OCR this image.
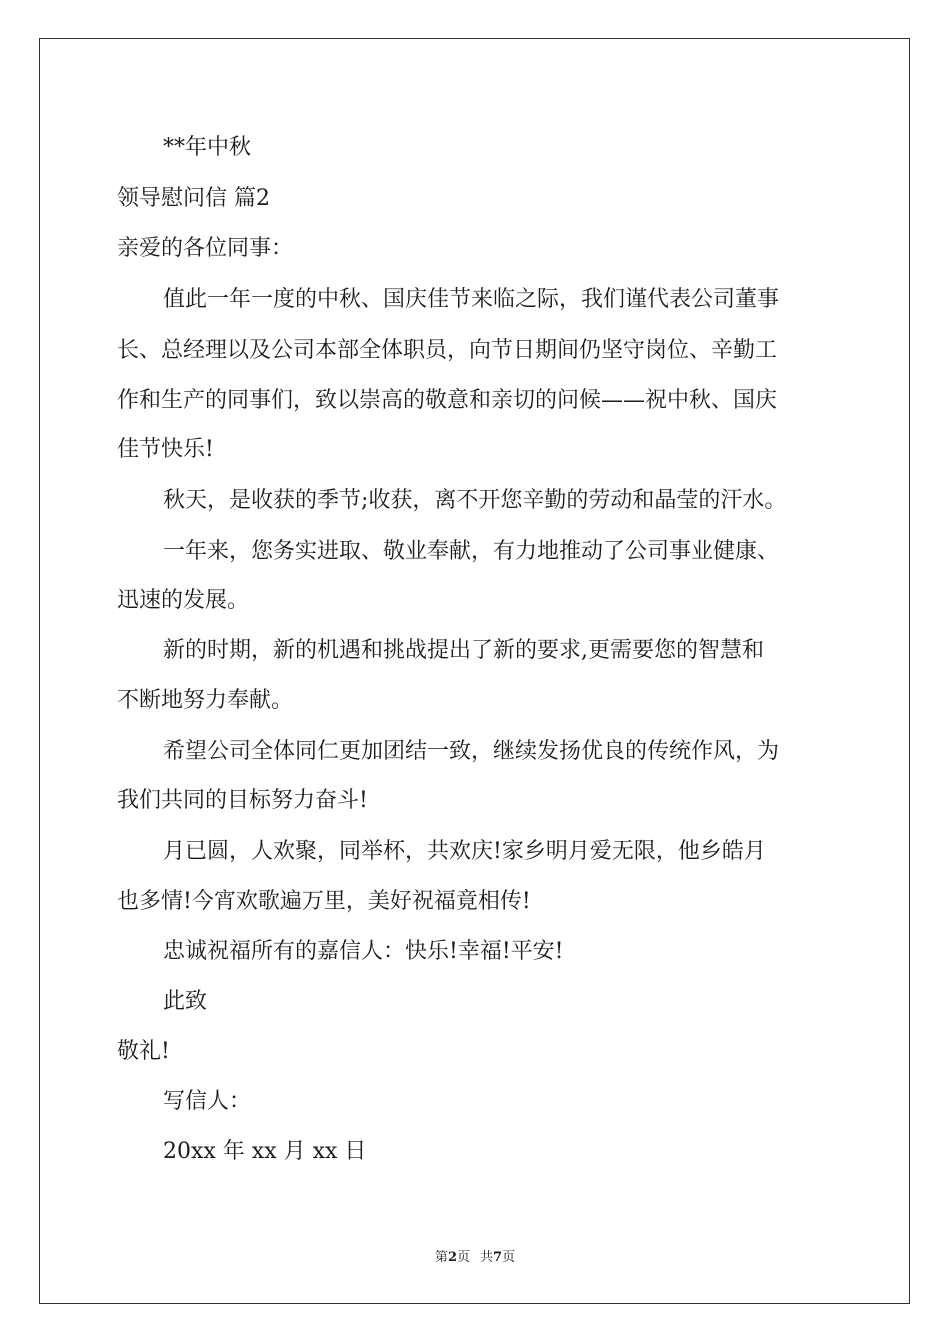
**年中秋
领导慰问信 篇2
亲爱的各位同事：
值此一年一度的中秋、国庆佳节来临之际，我们谨代表公司董事
长、总经理以及公司本部全体职员，向节日期间仍坚守岗位、辛勤工
作和生产的同事们，致以崇高的敬意和亲切的问候——祝中秋、国庆
佳节快乐!
秋天，是收获的季节;收获，离不开您辛勤的劳动和晶莹的汗水。
一年来，您务实进取、敬业奉献，有力地推动了公司事业健康、
迅速的发展。
新的时期，新的机遇和挑战提出了新的要求,更需要您的智慧和
不断地努力奉献。
希望公司全体同仁更加团结一致，继续发扬优良的传统作风，为
我们共同的目标努力奋斗!
月已圆，人欢聚，同举杯，共欢庆!家乡明月爱无限，他乡皓月
也多情!今宵欢歌遍万里，美好祝福竟相传!
忠诚祝福所有的嘉信人：快乐!幸福!平安!
此致
敬礼!
写信人：
20xx 年 xx 月 xx 日
第2页 共7页
